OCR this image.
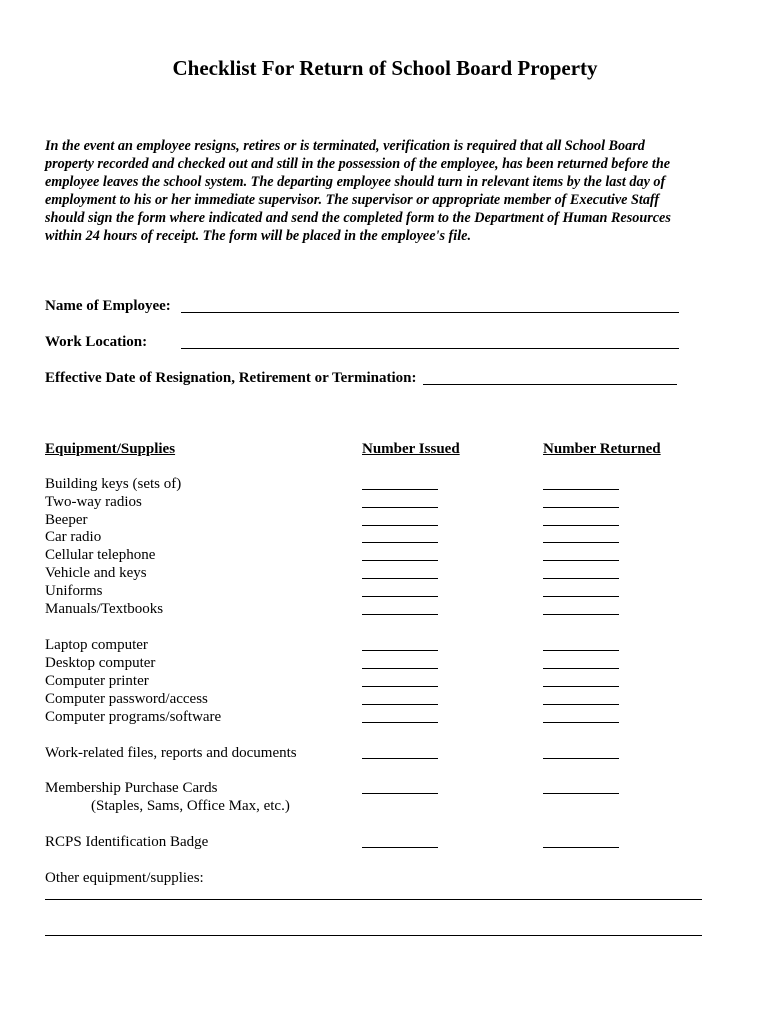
Checklist For Return of School Board Property
In the event an employee resigns, retires or is terminated, verification is required that all School Board
property recorded and checked out and still in the possession of the employee, has been returned before the
employee leaves the school system. The departing employee should turn in relevant items by the last day of
employment to his or her immediate supervisor. The supervisor or appropriate member of Executive Staff
should sign the form where indicated and send the completed form to the Department of Human Resources
within 24 hours of receipt. The form will be placed in the employee's file.
Name of Employee:
Work Location:
Effective Date of Resignation, Retirement or Termination:
Equipment/Supplies	Number Issued	Number Returned
Building keys (sets of)
Two-way radios
Beeper
Car radio
Cellular telephone
Vehicle and keys
Uniforms
Manuals/Textbooks
Laptop computer
Desktop computer
Computer printer
Computer password/access
Computer programs/software
Work-related files, reports and documents
Membership Purchase Cards
(Staples, Sams, Office Max, etc.)
RCPS Identification Badge
Other equipment/supplies:
